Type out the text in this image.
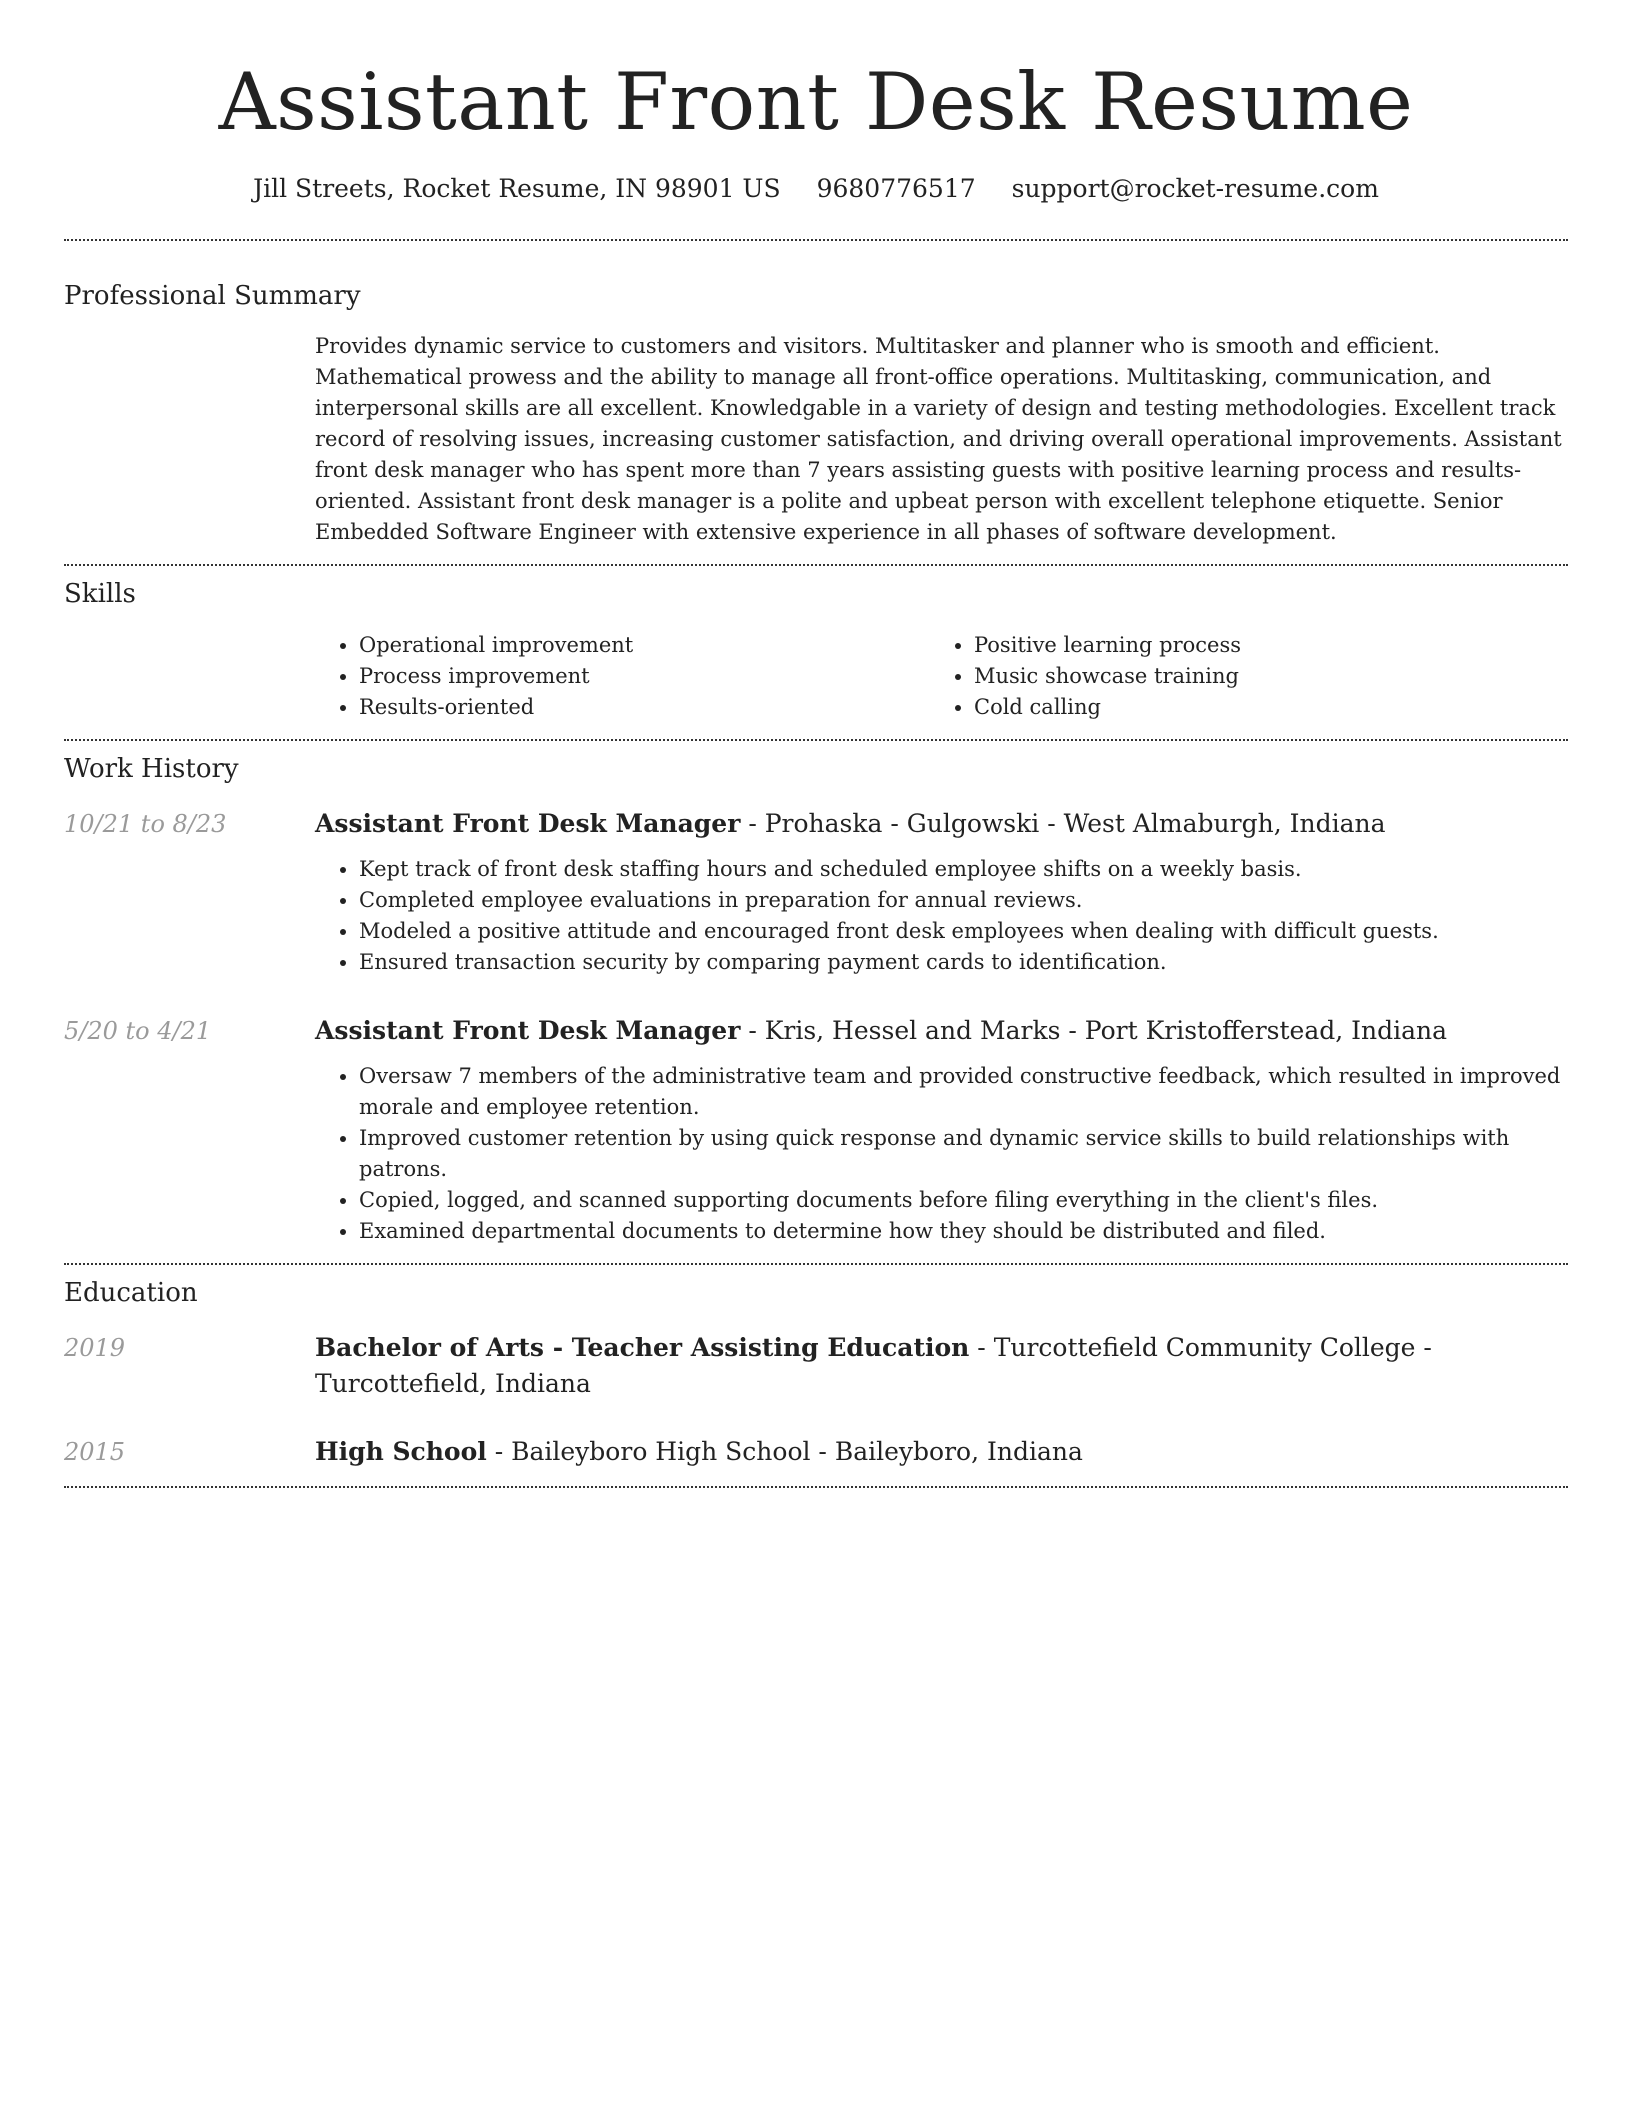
Assistant Front Desk Resume
Jill Streets, Rocket Resume, IN 98901 US 9680776517 support@rocket-resume.com
Professional Summary

Provides dynamic service to customers and visitors. Multitasker and planner who is smooth and efficient. Mathematical prowess and the ability to manage all front-office operations. Multitasking, communication, and interpersonal skills are all excellent. Knowledgable in a variety of design and testing methodologies. Excellent track record of resolving issues, increasing customer satisfaction, and driving overall operational improvements. Assistant front desk manager who has spent more than 7 years assisting guests with positive learning process and results-oriented. Assistant front desk manager is a polite and upbeat person with excellent telephone etiquette. Senior Embedded Software Engineer with extensive experience in all phases of software development.

Skills
• Operational improvement
• Process improvement
• Results-oriented
• Positive learning process
• Music showcase training
• Cold calling
Work History
10/21 to 8/23	Assistant Front Desk Manager - Prohaska - Gulgowski - West Almaburgh, Indiana
• Kept track of front desk staffing hours and scheduled employee shifts on a weekly basis.
• Completed employee evaluations in preparation for annual reviews.
• Modeled a positive attitude and encouraged front desk employees when dealing with difficult guests.
• Ensured transaction security by comparing payment cards to identification.
5/20 to 4/21	Assistant Front Desk Manager - Kris, Hessel and Marks - Port Kristofferstead, Indiana
• Oversaw 7 members of the administrative team and provided constructive feedback, which resulted in improved morale and employee retention.
• Improved customer retention by using quick response and dynamic service skills to build relationships with patrons.
• Copied, logged, and scanned supporting documents before filing everything in the client's files.
• Examined departmental documents to determine how they should be distributed and filed.
Education
2019	Bachelor of Arts - Teacher Assisting Education - Turcottefield Community College - Turcottefield, Indiana
2015	High School - Baileyboro High School - Baileyboro, Indiana
